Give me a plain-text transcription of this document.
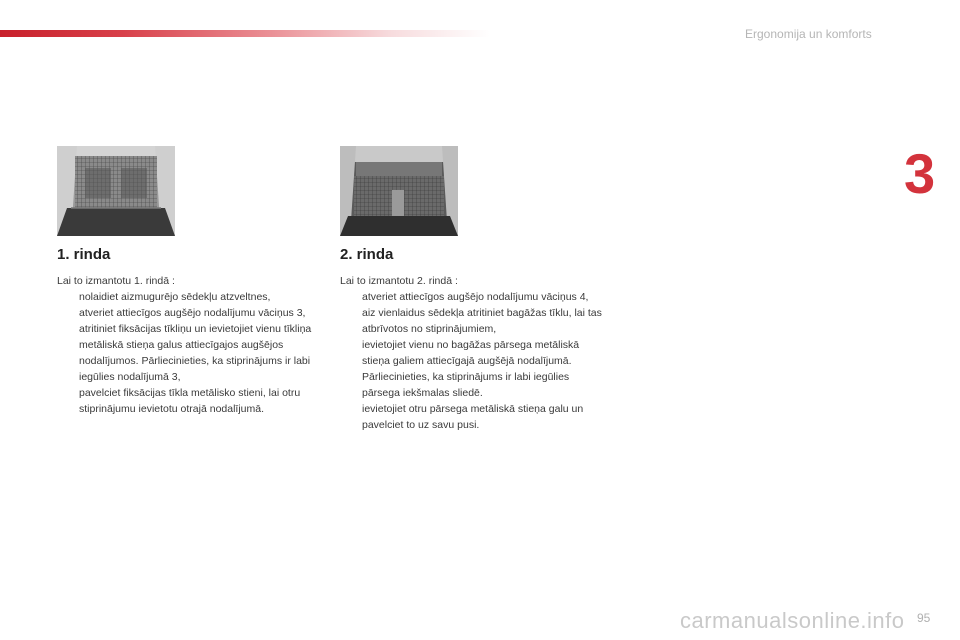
Ergonomija un komforts
3
1. rinda

Lai to izmantotu 1. rindā :

nolaidiet aizmugurējo sēdekļu atzveltnes,
atveriet attiecīgos augšējo nodalījumu vāciņus 3,
atritiniet fiksācijas tīkliņu un ievietojiet vienu tīkliņa metāliskā stieņa galus attiecīgajos augšējos nodalījumos. Pārliecinieties, ka stiprinājums ir labi iegūlies nodalījumā 3,
pavelciet fiksācijas tīkla metālisko stieni, lai otru stiprinājumu ievietotu otrajā nodalījumā.
2. rinda

Lai to izmantotu 2. rindā :

atveriet attiecīgos augšējo nodalījumu vāciņus 4,
aiz vienlaidus sēdekļa atritiniet bagāžas tīklu, lai tas atbrīvotos no stiprinājumiem,
ievietojiet vienu no bagāžas pārsega metāliskā stieņa galiem attiecīgajā augšējā nodalījumā. Pārliecinieties, ka stiprinājums ir labi iegūlies pārsega iekšmalas sliedē.
ievietojiet otru pārsega metāliskā stieņa galu un pavelciet to uz savu pusi.
carmanualsonline.info 95
